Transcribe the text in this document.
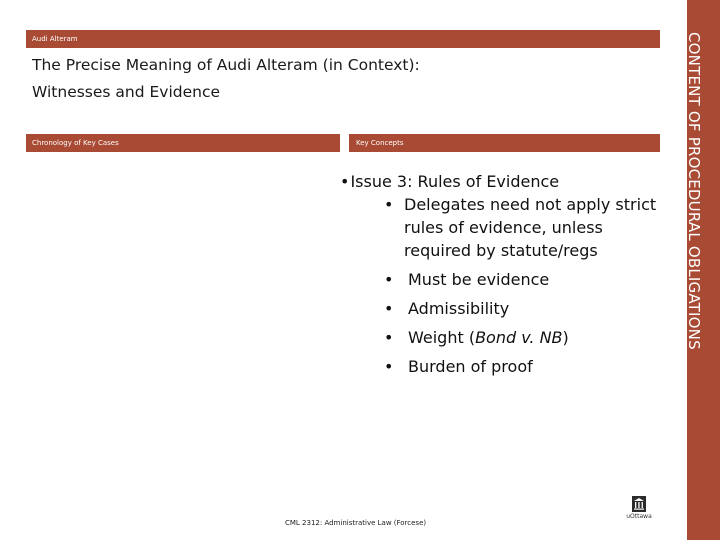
Audi Alteram
The Precise Meaning of Audi Alteram (in Context):
Witnesses and Evidence
Chronology of Key Cases	Key Concepts
•Issue 3: Rules of Evidence
• Delegates need not apply strict rules of evidence, unless required by statute/regs
• Must be evidence
• Admissibility
• Weight (Bond v. NB)
• Burden of proof
CONTENT OF PROCEDURAL OBLIGATIONS
CML 2312: Administrative Law (Forcese)
uOttawa
